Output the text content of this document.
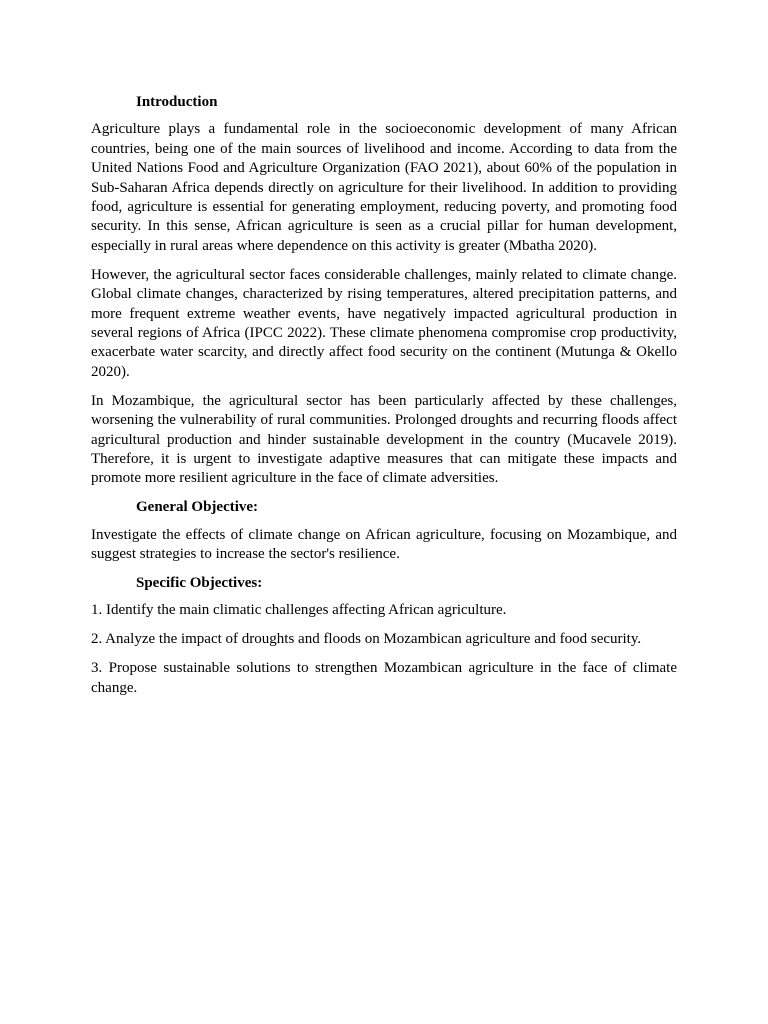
Introduction

Agriculture plays a fundamental role in the socioeconomic development of many African countries, being one of the main sources of livelihood and income. According to data from the United Nations Food and Agriculture Organization (FAO 2021), about 60% of the population in Sub-Saharan Africa depends directly on agriculture for their livelihood. In addition to providing food, agriculture is essential for generating employment, reducing poverty, and promoting food security. In this sense, African agriculture is seen as a crucial pillar for human development, especially in rural areas where dependence on this activity is greater (Mbatha 2020).

However, the agricultural sector faces considerable challenges, mainly related to climate change. Global climate changes, characterized by rising temperatures, altered precipitation patterns, and more frequent extreme weather events, have negatively impacted agricultural production in several regions of Africa (IPCC 2022). These climate phenomena compromise crop productivity, exacerbate water scarcity, and directly affect food security on the continent (Mutunga & Okello 2020).

In Mozambique, the agricultural sector has been particularly affected by these challenges, worsening the vulnerability of rural communities. Prolonged droughts and recurring floods affect agricultural production and hinder sustainable development in the country (Mucavele 2019). Therefore, it is urgent to investigate adaptive measures that can mitigate these impacts and promote more resilient agriculture in the face of climate adversities.

General Objective:

Investigate the effects of climate change on African agriculture, focusing on Mozambique, and suggest strategies to increase the sector's resilience.

Specific Objectives:

1. Identify the main climatic challenges affecting African agriculture.

2. Analyze the impact of droughts and floods on Mozambican agriculture and food security.

3. Propose sustainable solutions to strengthen Mozambican agriculture in the face of climate change.
